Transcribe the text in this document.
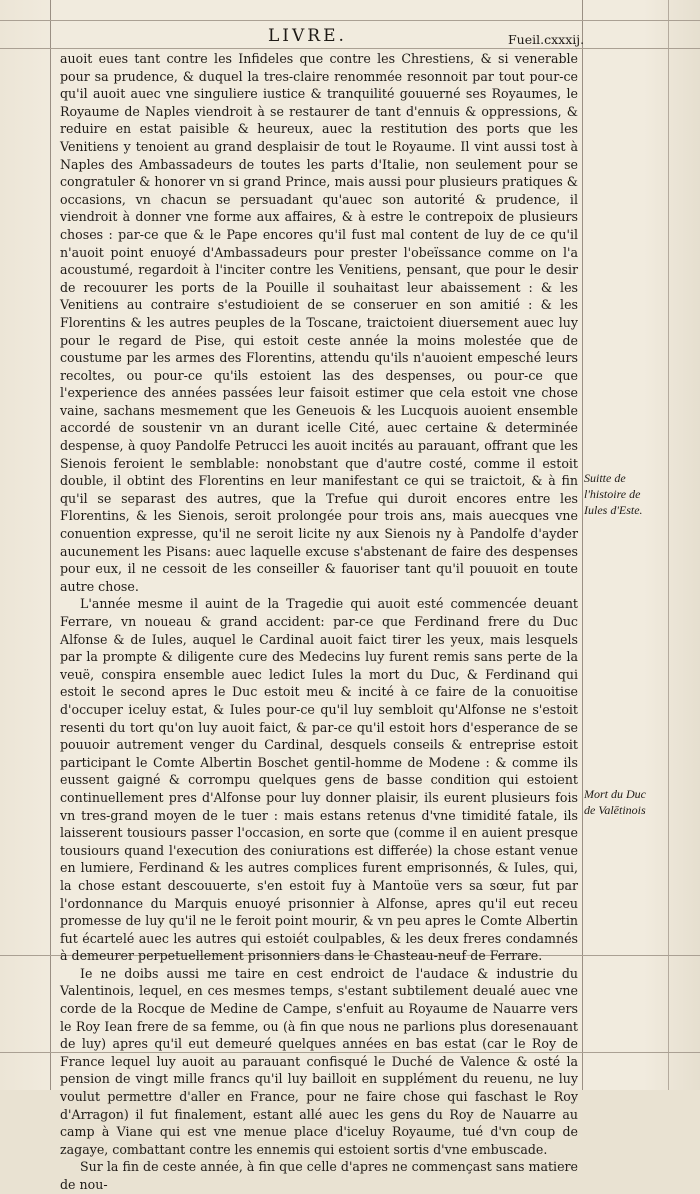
LIVRE.	Fueil.cxxxij.

auoit eues tant contre les Infideles que contre les Chrestiens, & si venerable pour sa prudence, & duquel la tres-claire renommée resonnoit par tout pour-ce qu'il auoit auec vne singuliere iustice & tranquilité gouuerné ses Royaumes, le Royaume de Naples viendroit à se restaurer de tant d'ennuis & oppressions, & reduire en estat paisible & heureux, auec la restitution des ports que les Venitiens y tenoient au grand desplaisir de tout le Royaume. Il vint aussi tost à Naples des Ambassadeurs de toutes les parts d'Italie, non seulement pour se congratuler & honorer vn si grand Prince, mais aussi pour plusieurs pratiques & occasions, vn chacun se persuadant qu'auec son autorité & prudence, il viendroit à donner vne forme aux affaires, & à estre le contrepoix de plusieurs choses : par-ce que & le Pape encores qu'il fust mal content de luy de ce qu'il n'auoit point enuoyé d'Ambassadeurs pour prester l'obeïssance comme on l'a acoustumé, regardoit à l'inciter contre les Venitiens, pensant, que pour le desir de recouurer les ports de la Pouille il souhaitast leur abaissement : & les Venitiens au contraire s'estudioient de se conseruer en son amitié : & les Florentins & les autres peuples de la Toscane, traictoient diuersement auec luy pour le regard de Pise, qui estoit ceste année la moins molestée que de coustume par les armes des Florentins, attendu qu'ils n'auoient empesché leurs recoltes, ou pour-ce qu'ils estoient las des despenses, ou pour-ce que l'experience des années passées leur faisoit estimer que cela estoit vne chose vaine, sachans mesmement que les Geneuois & les Lucquois auoient ensemble accordé de soustenir vn an durant icelle Cité, auec certaine & determinée despense, à quoy Pandolfe Petrucci les auoit incités au parauant, offrant que les Sienois feroient le semblable: nonobstant que d'autre costé, comme il estoit double, il obtint des Florentins en leur manifestant ce qui se traictoit, & à fin qu'il se separast des autres, que la Trefue qui duroit encores entre les Florentins, & les Sienois, seroit prolongée pour trois ans, mais auecques vne conuention expresse, qu'il ne seroit licite ny aux Sienois ny à Pandolfe d'ayder aucunement les Pisans: auec laquelle excuse s'abstenant de faire des despenses pour eux, il ne cessoit de les conseiller & fauoriser tant qu'il pouuoit en toute autre chose.

L'année mesme il auint de la Tragedie qui auoit esté commencée deuant Ferrare, vn noueau & grand accident: par-ce que Ferdinand frere du Duc Alfonse & de Iules, auquel le Cardinal auoit faict tirer les yeux, mais lesquels par la prompte & diligente cure des Medecins luy furent remis sans perte de la veuë, conspira ensemble auec ledict Iules la mort du Duc, & Ferdinand qui estoit le second apres le Duc estoit meu & incité à ce faire de la conuoitise d'occuper iceluy estat, & Iules pour-ce qu'il luy sembloit qu'Alfonse ne s'estoit resenti du tort qu'on luy auoit faict, & par-ce qu'il estoit hors d'esperance de se pouuoir autrement venger du Cardinal, desquels conseils & entreprise estoit participant le Comte Albertin Boschet gentil-homme de Modene : & comme ils eussent gaigné & corrompu quelques gens de basse condition qui estoient continuellement pres d'Alfonse pour luy donner plaisir, ils eurent plusieurs fois vn tres-grand moyen de le tuer : mais estans retenus d'vne timidité fatale, ils laisserent tousiours passer l'occasion, en sorte que (comme il en auient presque tousiours quand l'execution des coniurations est differée) la chose estant venue en lumiere, Ferdinand & les autres complices furent emprisonnés, & Iules, qui, la chose estant descouuerte, s'en estoit fuy à Mantoüe vers sa sœur, fut par l'ordonnance du Marquis enuoyé prisonnier à Alfonse, apres qu'il eut receu promesse de luy qu'il ne le feroit point mourir, & vn peu apres le Comte Albertin fut écartelé auec les autres qui estoiét coulpables, & les deux freres condamnés à demeurer perpetuellement prisonniers dans le Chasteau-neuf de Ferrare.

Ie ne doibs aussi me taire en cest endroict de l'audace & industrie du Valentinois, lequel, en ces mesmes temps, s'estant subtilement deualé auec vne corde de la Rocque de Medine de Campe, s'enfuit au Royaume de Nauarre vers le Roy Iean frere de sa femme, ou (à fin que nous ne parlions plus doresenauant de luy) apres qu'il eut demeuré quelques années en bas estat (car le Roy de France lequel luy auoit au parauant confisqué le Duché de Valence & osté la pension de vingt mille francs qu'il luy bailloit en supplément du reuenu, ne luy voulut permettre d'aller en France, pour ne faire chose qui faschast le Roy d'Arragon) il fut finalement, estant allé auec les gens du Roy de Nauarre au camp à Viane qui est vne menue place d'iceluy Royaume, tué d'vn coup de zagaye, combattant contre les ennemis qui estoient sortis d'vne embuscade.

Sur la fin de ceste année, à fin que celle d'apres ne commençast sans matiere de nou-

Suitte de l'histoire de Iules d'Este.
Mort du Duc de Valētinois
